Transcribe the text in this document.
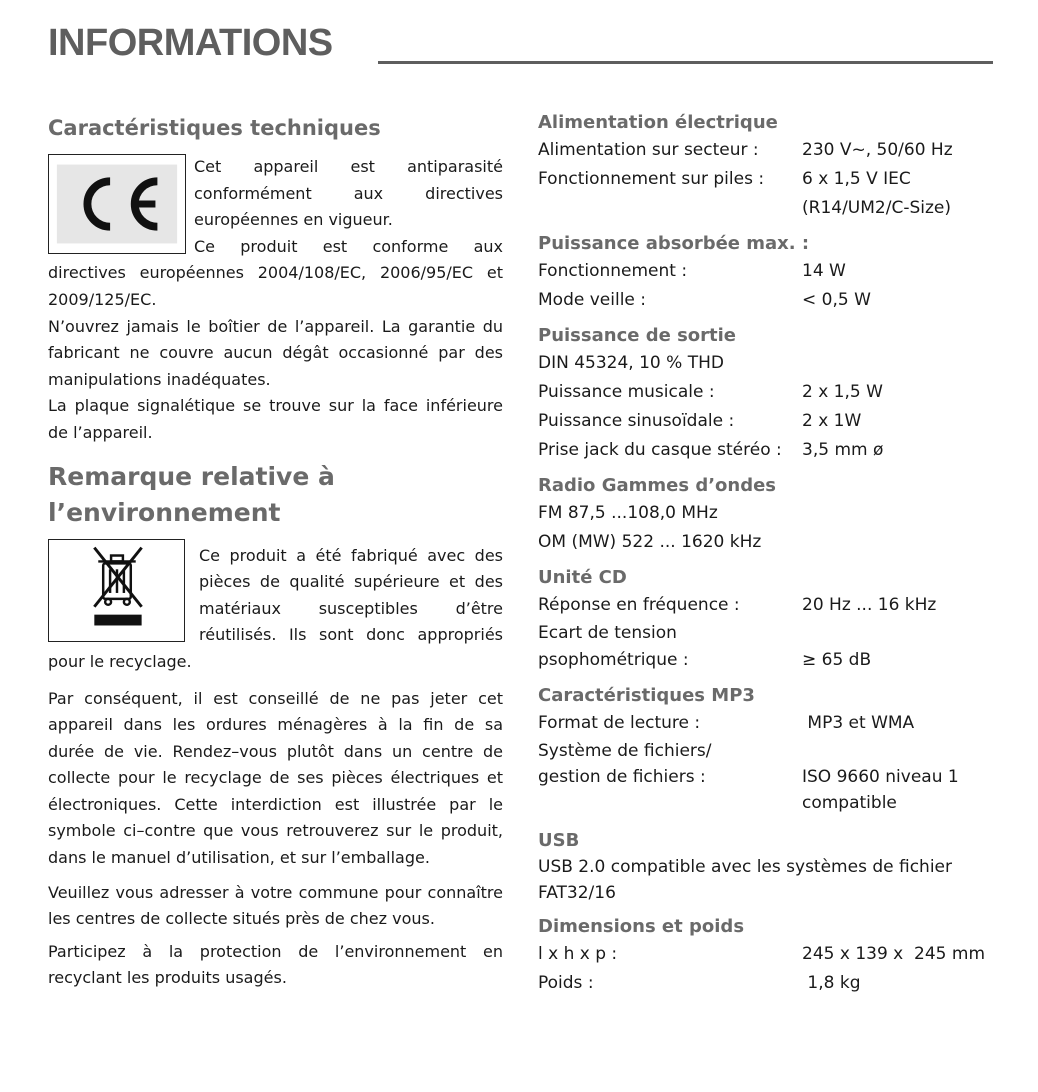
INFORMATIONS
Caractéristiques techniques

Cet appareil est antiparasité conformément aux directives européennes en vigueur.

Ce produit est conforme aux directives européennes 2004/108/EC, 2006/95/EC et 2009/125/EC.

N’ouvrez jamais le boîtier de l’appareil. La garantie du fabricant ne couvre aucun dégât occasionné par des manipulations inadéquates.

La plaque signalétique se trouve sur la face inférieure de l’appareil.

Remarque relative à
l’environnement

Ce produit a été fabriqué avec des pièces de qualité supérieure et des matériaux susceptibles d’être réutilisés. Ils sont donc appropriés pour le recyclage.

Par conséquent, il est conseillé de ne pas jeter cet appareil dans les ordures ménagères à la fin de sa durée de vie. Rendez–vous plutôt dans un centre de collecte pour le recyclage de ses pièces électriques et électroniques. Cette interdiction est illustrée par le symbole ci–contre que vous retrouverez sur le produit, dans le manuel d’utilisation, et sur l’emballage.

Veuillez vous adresser à votre commune pour connaître les centres de collecte situés près de chez vous.

Participez à la protection de l’environnement en recyclant les produits usagés.

Alimentation électrique
Alimentation sur secteur :	230 V~, 50/60 Hz
Fonctionnement sur piles :	6 x 1,5 V IEC
(R14/UM2/C-Size)
Puissance absorbée max. :
Fonctionnement :	14 W
Mode veille :	< 0,5 W
Puissance de sortie
DIN 45324, 10 % THD
Puissance musicale :	2 x 1,5 W
Puissance sinusoïdale :	2 x 1W
Prise jack du casque stéréo :	3,5 mm ø
Radio Gammes d’ondes
FM 87,5 ...108,0 MHz
OM (MW) 522 ... 1620 kHz
Unité CD
Réponse en fréquence :	20 Hz ... 16 kHz
Ecart de tension
psophométrique :	≥ 65 dB
Caractéristiques MP3
Format de lecture :	MP3 et WMA
Système de fichiers/
gestion de fichiers :	ISO 9660 niveau 1
compatible
USB
USB 2.0 compatible avec les systèmes de fichier
FAT32/16
Dimensions et poids
l x h x p :	245 x 139 x  245 mm
Poids :	1,8 kg
